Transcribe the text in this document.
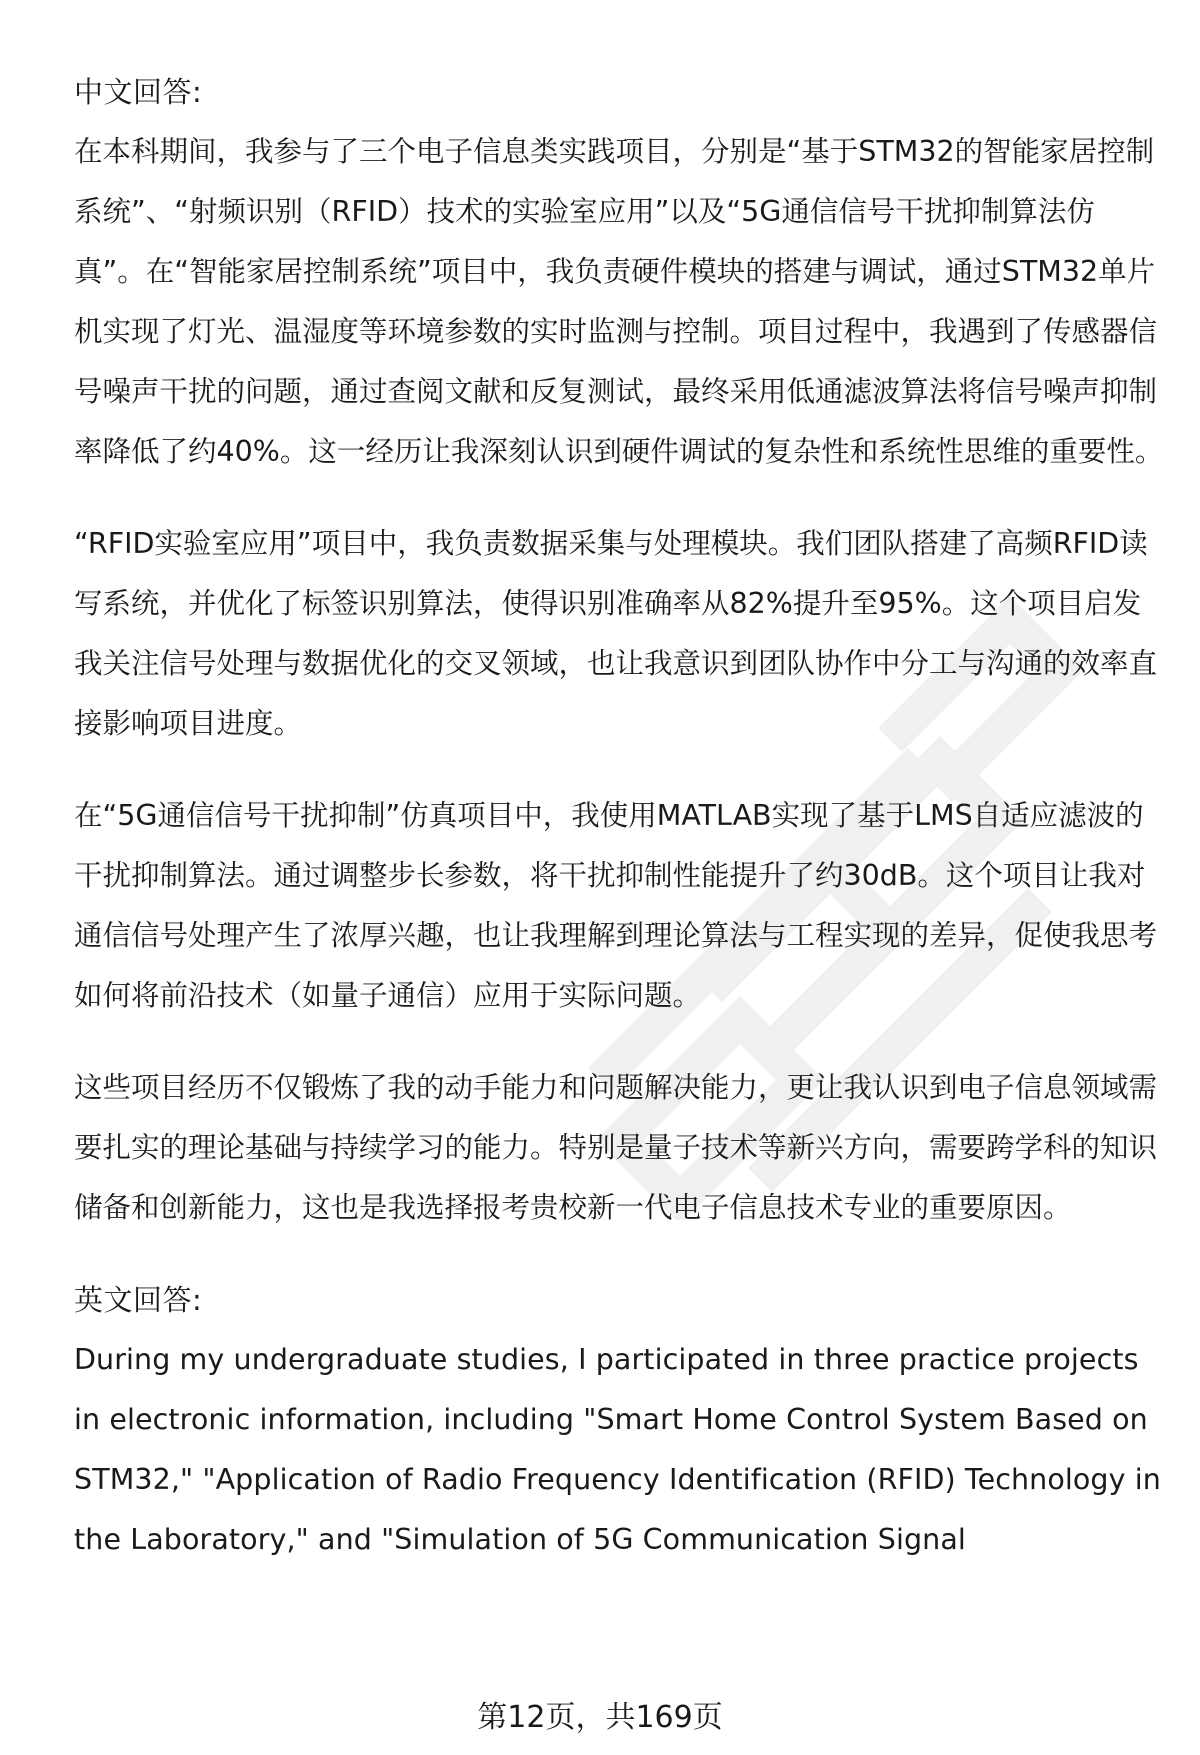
中文回答:

在本科期间，我参与了三个电子信息类实践项目，分别是“基于STM32的智能家居控制系统”、“射频识别（RFID）技术的实验室应用”以及“5G通信信号干扰抑制算法仿真”。在“智能家居控制系统”项目中，我负责硬件模块的搭建与调试，通过STM32单片机实现了灯光、温湿度等环境参数的实时监测与控制。项目过程中，我遇到了传感器信号噪声干扰的问题，通过查阅文献和反复测试，最终采用低通滤波算法将信号噪声抑制率降低了约40%。这一经历让我深刻认识到硬件调试的复杂性和系统性思维的重要性。

“RFID实验室应用”项目中，我负责数据采集与处理模块。我们团队搭建了高频RFID读写系统，并优化了标签识别算法，使得识别准确率从82%提升至95%。这个项目启发我关注信号处理与数据优化的交叉领域，也让我意识到团队协作中分工与沟通的效率直接影响项目进度。

在“5G通信信号干扰抑制”仿真项目中，我使用MATLAB实现了基于LMS自适应滤波的干扰抑制算法。通过调整步长参数，将干扰抑制性能提升了约30dB。这个项目让我对通信信号处理产生了浓厚兴趣，也让我理解到理论算法与工程实现的差异，促使我思考如何将前沿技术（如量子通信）应用于实际问题。

这些项目经历不仅锻炼了我的动手能力和问题解决能力，更让我认识到电子信息领域需要扎实的理论基础与持续学习的能力。特别是量子技术等新兴方向，需要跨学科的知识储备和创新能力，这也是我选择报考贵校新一代电子信息技术专业的重要原因。

英文回答:

During my undergraduate studies, I participated in three practice projects in electronic information, including "Smart Home Control System Based on STM32," "Application of Radio Frequency Identification (RFID) Technology in the Laboratory," and "Simulation of 5G Communication Signal

第12页，共169页
